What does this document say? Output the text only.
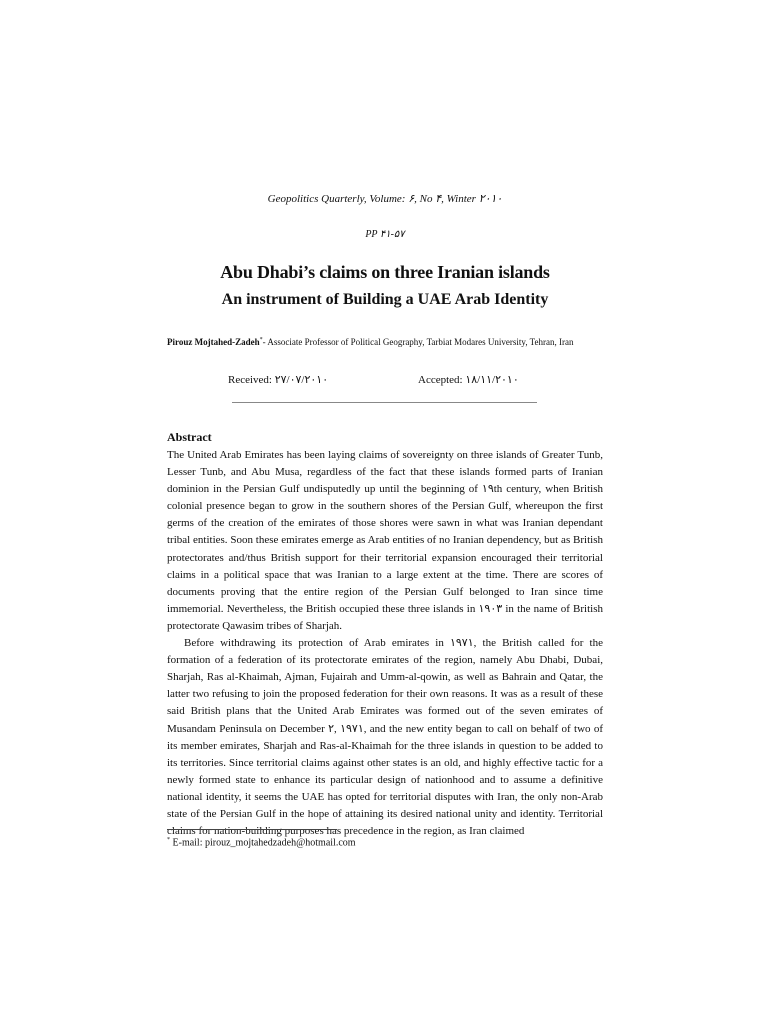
Geopolitics Quarterly, Volume: ۶, No ۴, Winter ۲۰۱۰
PP ۴۱-۵۷
Abu Dhabi’s claims on three Iranian islands
An instrument of Building a UAE Arab Identity
Pirouz Mojtahed-Zadeh*- Associate Professor of Political Geography, Tarbiat Modares University, Tehran, Iran
Received: ۲۷/۰۷/۲۰۱۰	Accepted: ۱۸/۱۱/۲۰۱۰
Abstract

The United Arab Emirates has been laying claims of sovereignty on three islands of Greater Tunb, Lesser Tunb, and Abu Musa, regardless of the fact that these islands formed parts of Iranian dominion in the Persian Gulf undisputedly up until the beginning of ۱۹th century, when British colonial presence began to grow in the southern shores of the Persian Gulf, whereupon the first germs of the creation of the emirates of those shores were sawn in what was Iranian dependant tribal entities. Soon these emirates emerge as Arab entities of no Iranian dependency, but as British protectorates and/thus British support for their territorial expansion encouraged their territorial claims in a political space that was Iranian to a large extent at the time. There are scores of documents proving that the entire region of the Persian Gulf belonged to Iran since time immemorial. Nevertheless, the British occupied these three islands in ۱۹۰۳ in the name of British protectorate Qawasim tribes of Sharjah.

Before withdrawing its protection of Arab emirates in ۱۹۷۱, the British called for the formation of a federation of its protectorate emirates of the region, namely Abu Dhabi, Dubai, Sharjah, Ras al-Khaimah, Ajman, Fujairah and Umm-al-qowin, as well as Bahrain and Qatar, the latter two refusing to join the proposed federation for their own reasons. It was as a result of these said British plans that the United Arab Emirates was formed out of the seven emirates of Musandam Peninsula on December ۲, ۱۹۷۱, and the new entity began to call on behalf of two of its member emirates, Sharjah and Ras-al-Khaimah for the three islands in question to be added to its territories. Since territorial claims against other states is an old, and highly effective tactic for a newly formed state to enhance its particular design of nationhood and to assume a definitive national identity, it seems the UAE has opted for territorial disputes with Iran, the only non-Arab state of the Persian Gulf in the hope of attaining its desired national unity and identity. Territorial claims for nation-building purposes has precedence in the region, as Iran claimed

* E-mail: pirouz_mojtahedzadeh@hotmail.com
